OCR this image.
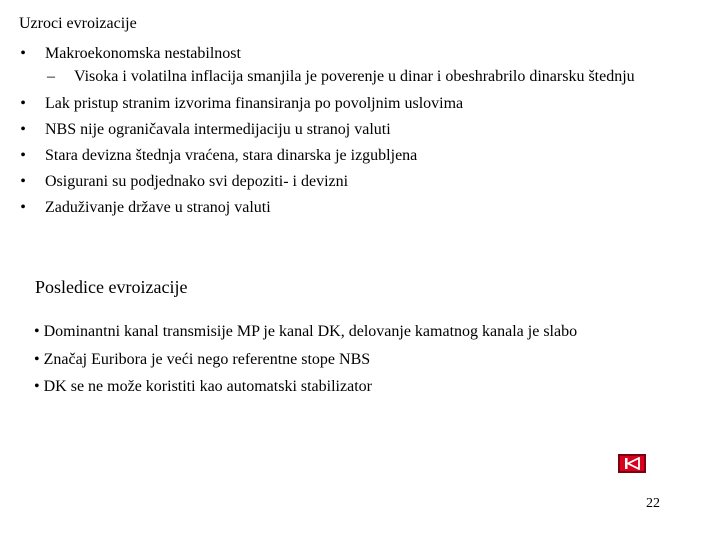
Uzroci evroizacije
• Makroekonomska nestabilnost
– Visoka i volatilna inflacija smanjila je poverenje u dinar i obeshrabrilo dinarsku štednju
• Lak pristup stranim izvorima finansiranja po povoljnim uslovima
• NBS nije ograničavala intermedijaciju u stranoj valuti
• Stara devizna štednja vraćena, stara dinarska je izgubljena
• Osigurani su podjednako svi depoziti- i devizni
• Zaduživanje države u stranoj valuti
Posledice evroizacije
• Dominantni kanal transmisije MP je kanal DK, delovanje kamatnog kanala je slabo
• Značaj Euribora je veći nego referentne stope NBS
• DK se ne može koristiti kao automatski stabilizator
22
